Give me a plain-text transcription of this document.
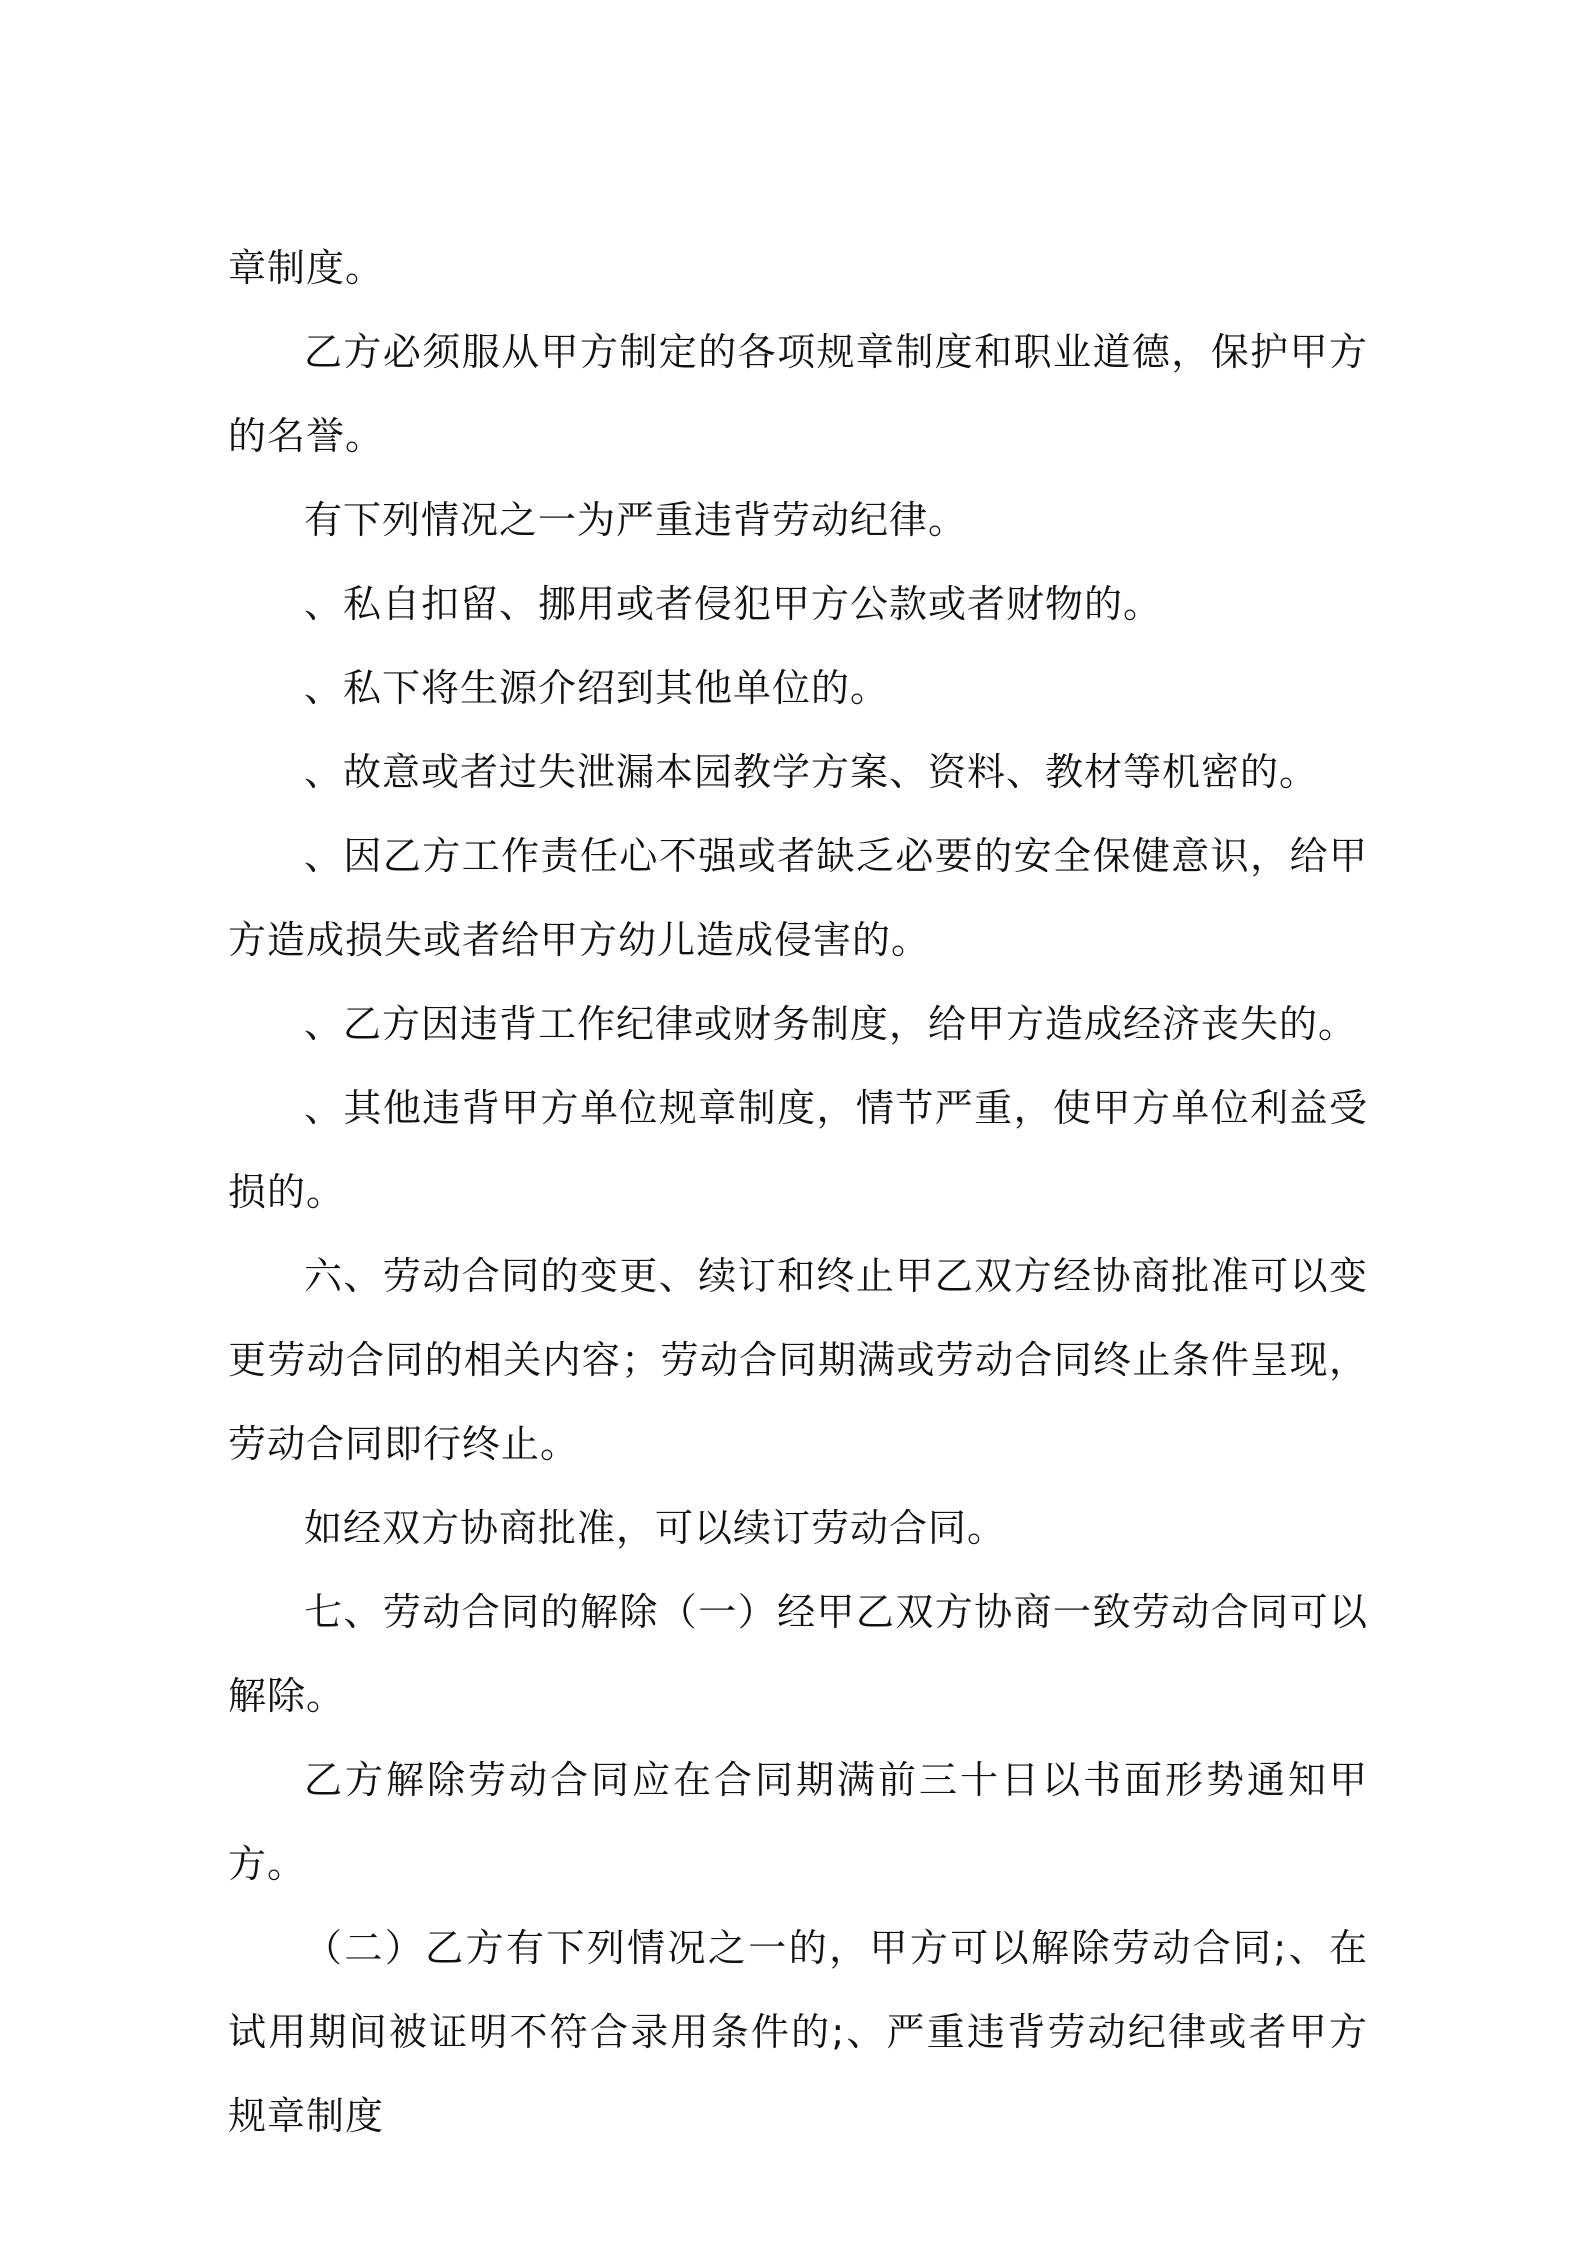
章制度。

乙方必须服从甲方制定的各项规章制度和职业道德，保护甲方的名誉。

有下列情况之一为严重违背劳动纪律。

、私自扣留、挪用或者侵犯甲方公款或者财物的。

、私下将生源介绍到其他单位的。

、故意或者过失泄漏本园教学方案、资料、教材等机密的。

、因乙方工作责任心不强或者缺乏必要的安全保健意识，给甲方造成损失或者给甲方幼儿造成侵害的。

、乙方因违背工作纪律或财务制度，给甲方造成经济丧失的。

、其他违背甲方单位规章制度，情节严重，使甲方单位利益受损的。

六、劳动合同的变更、续订和终止甲乙双方经协商批准可以变更劳动合同的相关内容；劳动合同期满或劳动合同终止条件呈现，劳动合同即行终止。

如经双方协商批准，可以续订劳动合同。

七、劳动合同的解除（一）经甲乙双方协商一致劳动合同可以解除。

乙方解除劳动合同应在合同期满前三十日以书面形势通知甲方。

（二）乙方有下列情况之一的，甲方可以解除劳动合同;、在试用期间被证明不符合录用条件的;、严重违背劳动纪律或者甲方规章制度
